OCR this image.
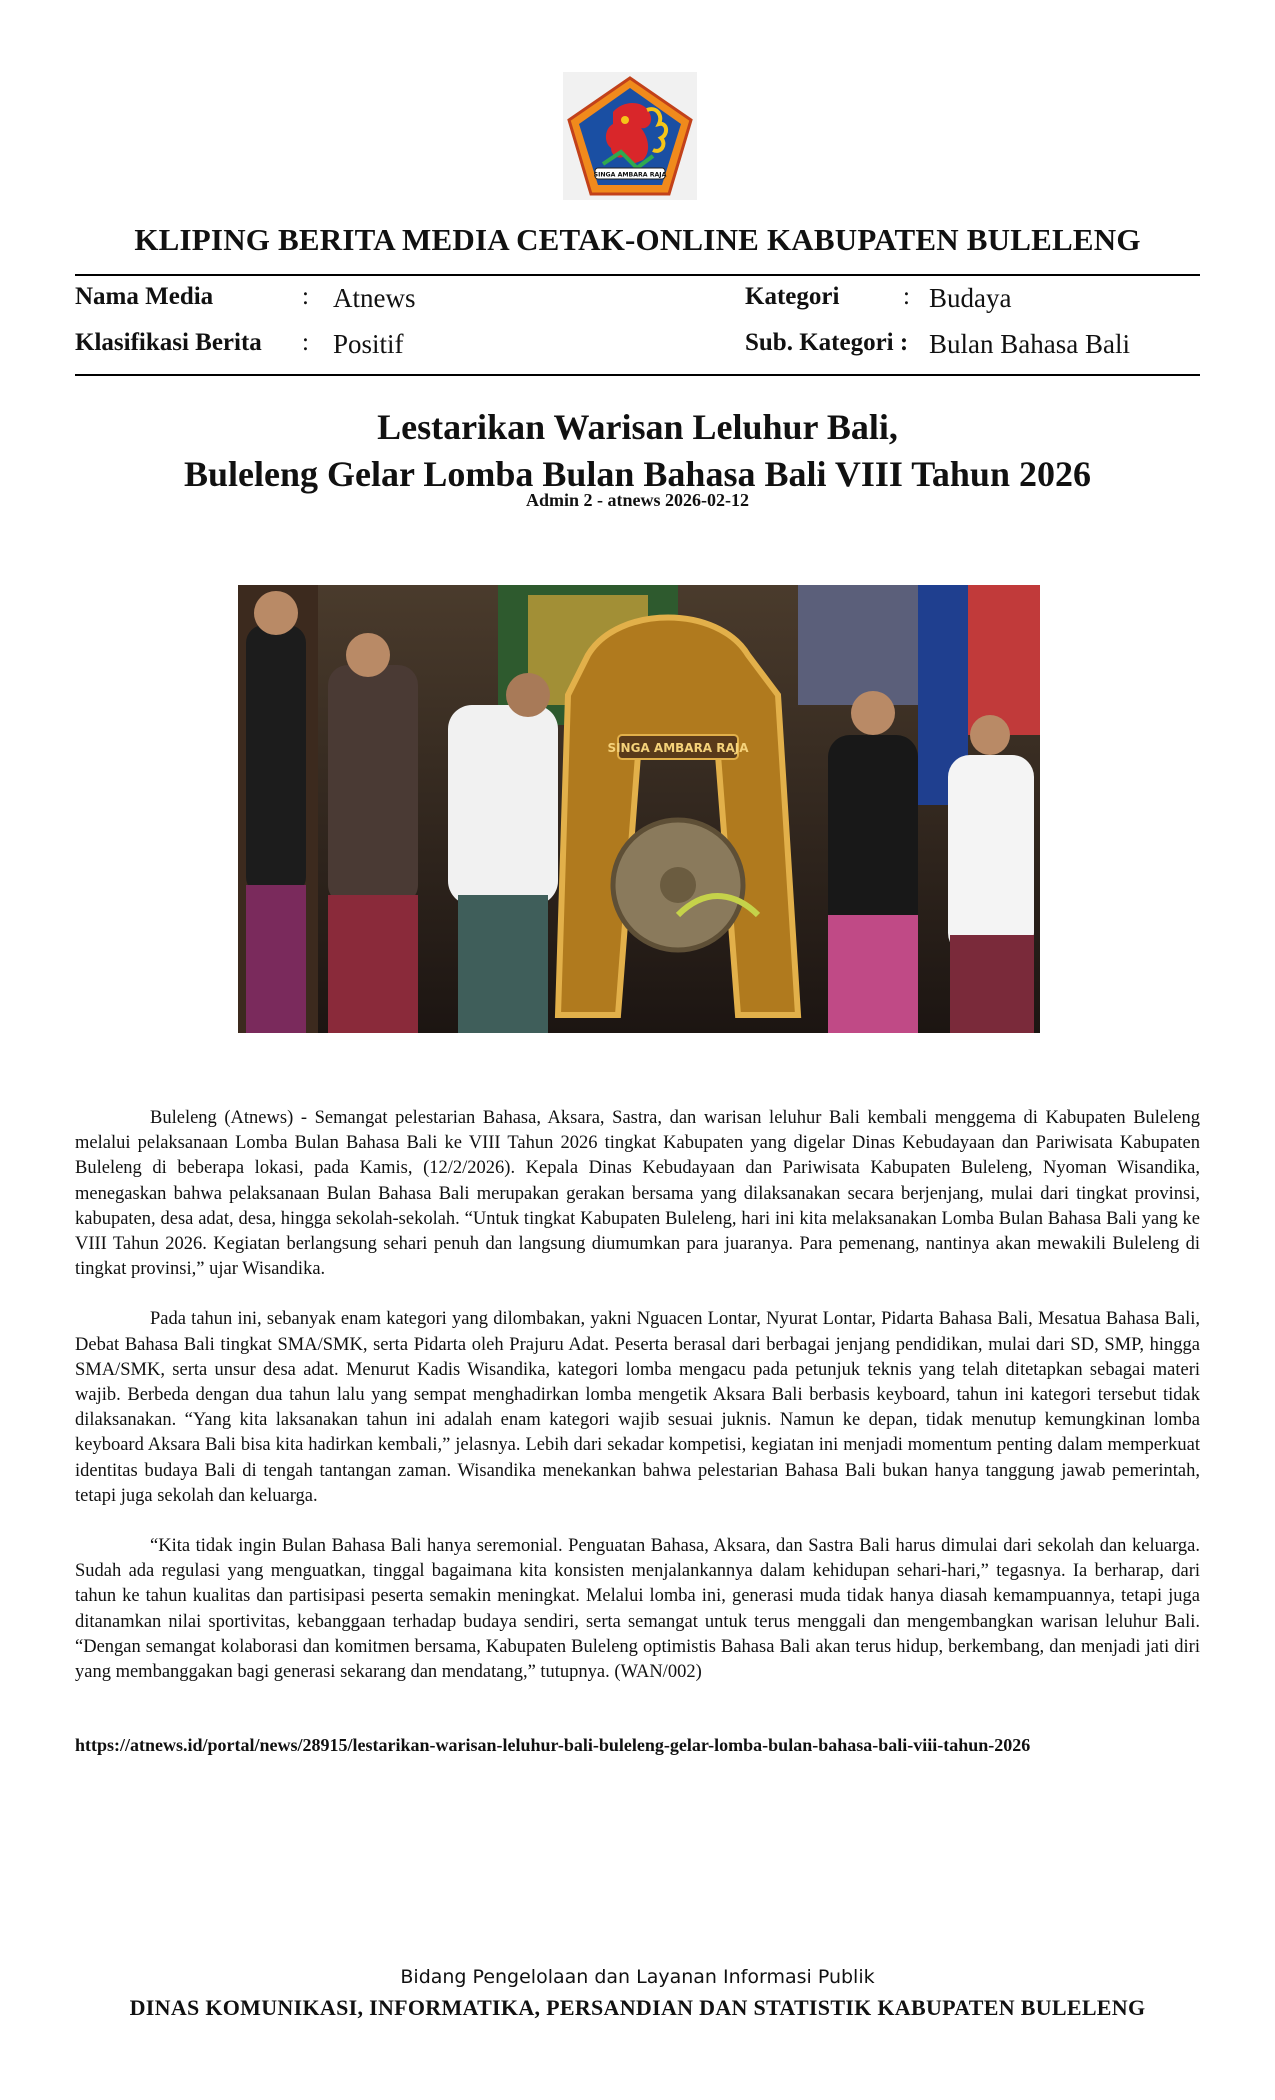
SINGA AMBARA RAJA
KLIPING BERITA MEDIA CETAK-ONLINE KABUPATEN BULELENG
Nama Media	: Atnews	Kategori	: Budaya
Klasifikasi Berita : Positif	Sub. Kategori : Bulan Bahasa Bali
Lestarikan Warisan Leluhur Bali,
Buleleng Gelar Lomba Bulan Bahasa Bali VIII Tahun 2026
Admin 2 - atnews 2026-02-12
SINGA AMBARA RAJA

Buleleng (Atnews) - Semangat pelestarian Bahasa, Aksara, Sastra, dan warisan leluhur Bali kembali menggema di Kabupaten Buleleng melalui pelaksanaan Lomba Bulan Bahasa Bali ke VIII Tahun 2026 tingkat Kabupaten yang digelar Dinas Kebudayaan dan Pariwisata Kabupaten Buleleng di beberapa lokasi, pada Kamis, (12/2/2026). Kepala Dinas Kebudayaan dan Pariwisata Kabupaten Buleleng, Nyoman Wisandika, menegaskan bahwa pelaksanaan Bulan Bahasa Bali merupakan gerakan bersama yang dilaksanakan secara berjenjang, mulai dari tingkat provinsi, kabupaten, desa adat, desa, hingga sekolah-sekolah. “Untuk tingkat Kabupaten Buleleng, hari ini kita melaksanakan Lomba Bulan Bahasa Bali yang ke VIII Tahun 2026. Kegiatan berlangsung sehari penuh dan langsung diumumkan para juaranya. Para pemenang, nantinya akan mewakili Buleleng di tingkat provinsi,” ujar Wisandika.

Pada tahun ini, sebanyak enam kategori yang dilombakan, yakni Nguacen Lontar, Nyurat Lontar, Pidarta Bahasa Bali, Mesatua Bahasa Bali, Debat Bahasa Bali tingkat SMA/SMK, serta Pidarta oleh Prajuru Adat. Peserta berasal dari berbagai jenjang pendidikan, mulai dari SD, SMP, hingga SMA/SMK, serta unsur desa adat. Menurut Kadis Wisandika, kategori lomba mengacu pada petunjuk teknis yang telah ditetapkan sebagai materi wajib. Berbeda dengan dua tahun lalu yang sempat menghadirkan lomba mengetik Aksara Bali berbasis keyboard, tahun ini kategori tersebut tidak dilaksanakan. “Yang kita laksanakan tahun ini adalah enam kategori wajib sesuai juknis. Namun ke depan, tidak menutup kemungkinan lomba keyboard Aksara Bali bisa kita hadirkan kembali,” jelasnya. Lebih dari sekadar kompetisi, kegiatan ini menjadi momentum penting dalam memperkuat identitas budaya Bali di tengah tantangan zaman. Wisandika menekankan bahwa pelestarian Bahasa Bali bukan hanya tanggung jawab pemerintah, tetapi juga sekolah dan keluarga.

“Kita tidak ingin Bulan Bahasa Bali hanya seremonial. Penguatan Bahasa, Aksara, dan Sastra Bali harus dimulai dari sekolah dan keluarga. Sudah ada regulasi yang menguatkan, tinggal bagaimana kita konsisten menjalankannya dalam kehidupan sehari-hari,” tegasnya. Ia berharap, dari tahun ke tahun kualitas dan partisipasi peserta semakin meningkat. Melalui lomba ini, generasi muda tidak hanya diasah kemampuannya, tetapi juga ditanamkan nilai sportivitas, kebanggaan terhadap budaya sendiri, serta semangat untuk terus menggali dan mengembangkan warisan leluhur Bali. “Dengan semangat kolaborasi dan komitmen bersama, Kabupaten Buleleng optimistis Bahasa Bali akan terus hidup, berkembang, dan menjadi jati diri yang membanggakan bagi generasi sekarang dan mendatang,” tutupnya. (WAN/002)

https://atnews.id/portal/news/28915/lestarikan-warisan-leluhur-bali-buleleng-gelar-lomba-bulan-bahasa-bali-viii-tahun-2026
Bidang Pengelolaan dan Layanan Informasi Publik
DINAS KOMUNIKASI, INFORMATIKA, PERSANDIAN DAN STATISTIK KABUPATEN BULELENG
